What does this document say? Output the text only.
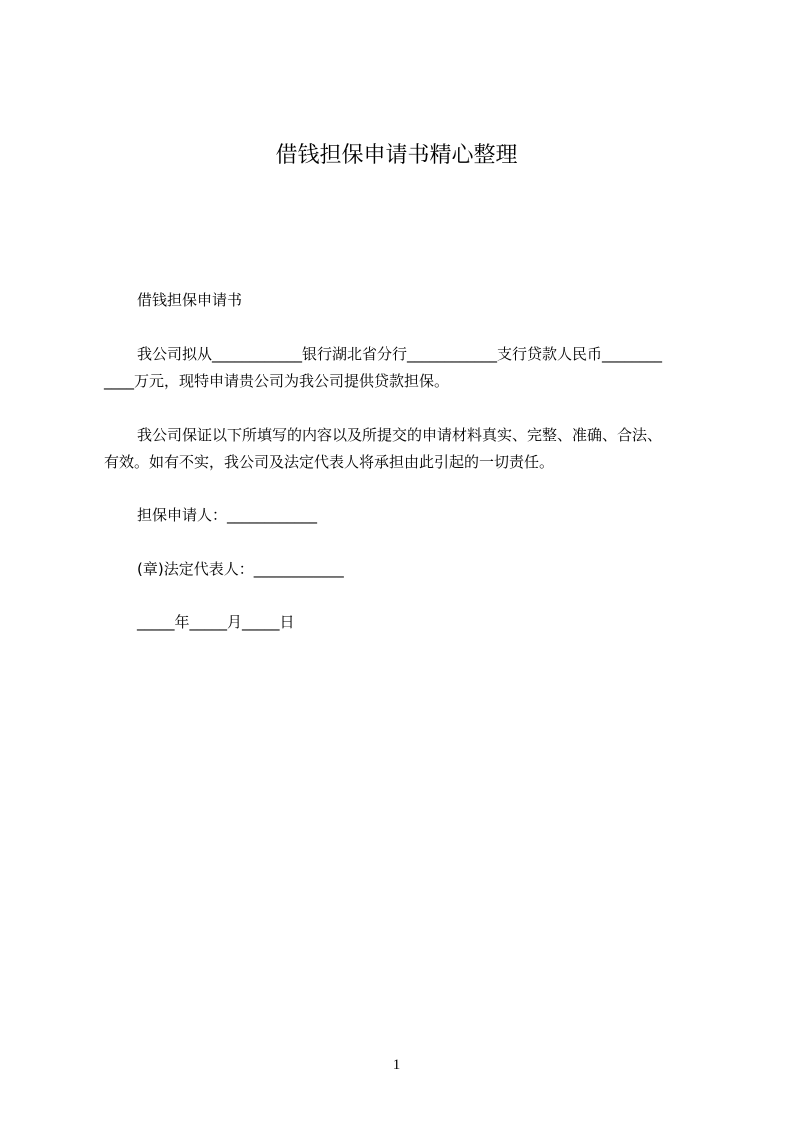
借钱担保申请书精心整理
借钱担保申请书
我公司拟从____________银行湖北省分行____________支行贷款人民币________
____万元，现特申请贵公司为我公司提供贷款担保。
我公司保证以下所填写的内容以及所提交的申请材料真实、完整、准确、合法、
有效。如有不实，我公司及法定代表人将承担由此引起的一切责任。
担保申请人：____________
(章)法定代表人：____________
_____年_____月_____日
1
